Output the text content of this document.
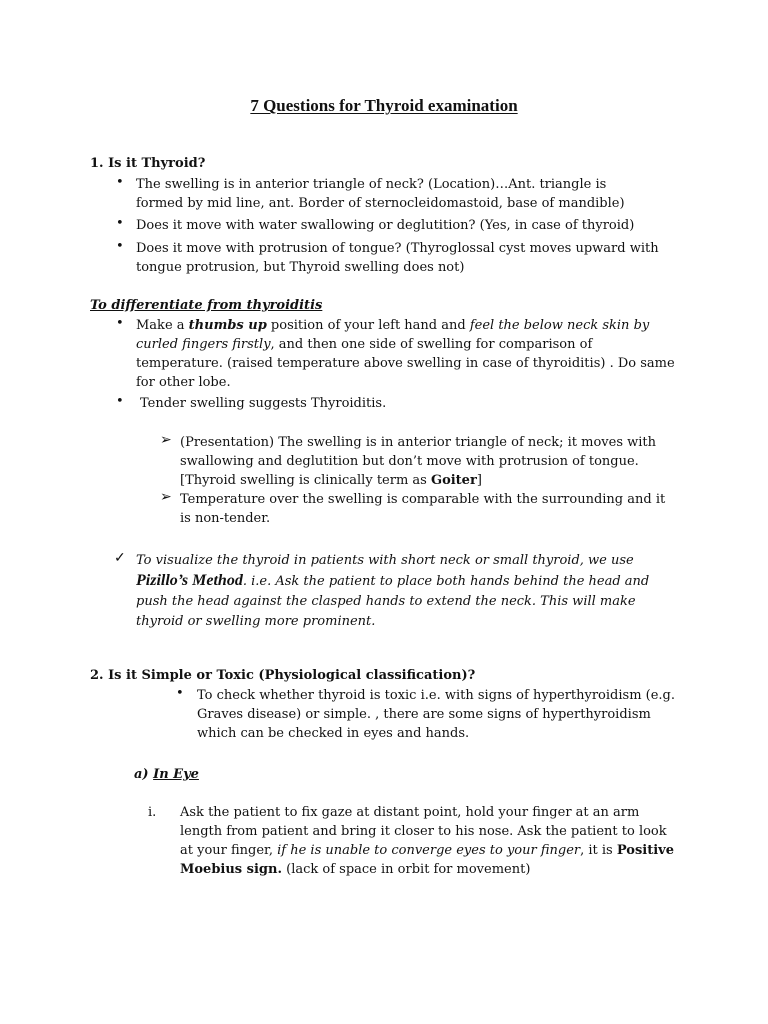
7 Questions for Thyroid examination
1. Is it Thyroid?
• The swelling is in anterior triangle of neck? (Location)…Ant. triangle is formed by mid line, ant. Border of sternocleidomastoid, base of mandible)
• Does it move with water swallowing or deglutition? (Yes, in case of thyroid)
• Does it move with protrusion of tongue? (Thyroglossal cyst moves upward with tongue protrusion, but Thyroid swelling does not)
To differentiate from thyroiditis
• Make a thumbs up position of your left hand and feel the below neck skin by curled fingers firstly, and then one side of swelling for comparison of temperature. (raised temperature above swelling in case of thyroiditis) . Do same for other lobe.
• Tender swelling suggests Thyroiditis.
➢ (Presentation) The swelling is in anterior triangle of neck; it moves with swallowing and deglutition but don’t move with protrusion of tongue. [Thyroid swelling is clinically term as Goiter]
➢ Temperature over the swelling is comparable with the surrounding and it is non-tender.
✓ To visualize the thyroid in patients with short neck or small thyroid, we use Pizillo’s Method. i.e. Ask the patient to place both hands behind the head and push the head against the clasped hands to extend the neck. This will make thyroid or swelling more prominent.
2. Is it Simple or Toxic (Physiological classification)?
• To check whether thyroid is toxic i.e. with signs of hyperthyroidism (e.g. Graves disease) or simple. , there are some signs of hyperthyroidism which can be checked in eyes and hands.
a) In Eye
i. Ask the patient to fix gaze at distant point, hold your finger at an arm length from patient and bring it closer to his nose. Ask the patient to look at your finger, if he is unable to converge eyes to your finger, it is Positive Moebius sign. (lack of space in orbit for movement)
